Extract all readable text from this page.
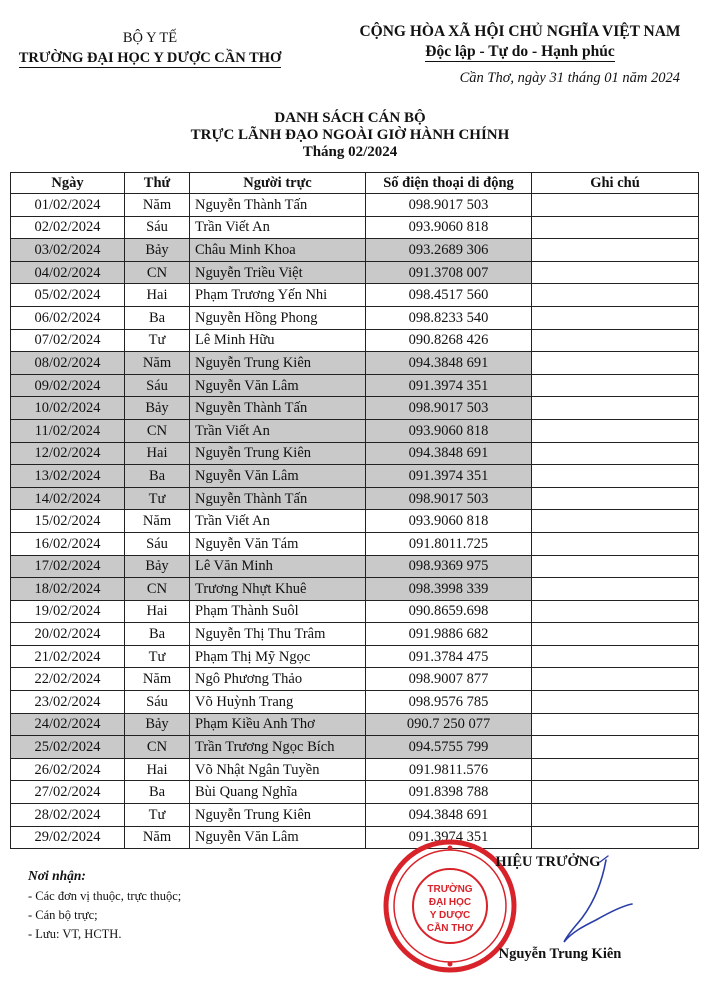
BỘ Y TẾ
TRƯỜNG ĐẠI HỌC Y DƯỢC CẦN THƠ
CỘNG HÒA XÃ HỘI CHỦ NGHĨA VIỆT NAM
Độc lập - Tự do - Hạnh phúc
Cần Thơ, ngày 31 tháng 01 năm 2024
DANH SÁCH CÁN BỘ
TRỰC LÃNH ĐẠO NGOÀI GIỜ HÀNH CHÍNH
Tháng 02/2024
Ngày	Thứ	Người trực	Số điện thoại di động	Ghi chú
01/02/2024	Năm	Nguyễn Thành Tấn	098.9017 503	
02/02/2024	Sáu	Trần Viết An	093.9060 818	
03/02/2024	Bảy	Châu Minh Khoa	093.2689 306	
04/02/2024	CN	Nguyễn Triều Việt	091.3708 007	
05/02/2024	Hai	Phạm Trương Yến Nhi	098.4517 560	
06/02/2024	Ba	Nguyễn Hồng Phong	098.8233 540	
07/02/2024	Tư	Lê Minh Hữu	090.8268 426	
08/02/2024	Năm	Nguyễn Trung Kiên	094.3848 691	
09/02/2024	Sáu	Nguyễn Văn Lâm	091.3974 351	
10/02/2024	Bảy	Nguyễn Thành Tấn	098.9017 503	
11/02/2024	CN	Trần Viết An	093.9060 818	
12/02/2024	Hai	Nguyễn Trung Kiên	094.3848 691	
13/02/2024	Ba	Nguyễn Văn Lâm	091.3974 351	
14/02/2024	Tư	Nguyễn Thành Tấn	098.9017 503	
15/02/2024	Năm	Trần Viết An	093.9060 818	
16/02/2024	Sáu	Nguyễn Văn Tám	091.8011.725	
17/02/2024	Bảy	Lê Văn Minh	098.9369 975	
18/02/2024	CN	Trương Nhựt Khuê	098.3998 339	
19/02/2024	Hai	Phạm Thành Suôl	090.8659.698	
20/02/2024	Ba	Nguyễn Thị Thu Trâm	091.9886 682	
21/02/2024	Tư	Phạm Thị Mỹ Ngọc	091.3784 475	
22/02/2024	Năm	Ngô Phương Thảo	098.9007 877	
23/02/2024	Sáu	Võ Huỳnh Trang	098.9576 785	
24/02/2024	Bảy	Phạm Kiều Anh Thơ	090.7 250 077	
25/02/2024	CN	Trần Trương Ngọc Bích	094.5755 799	
26/02/2024	Hai	Võ Nhật Ngân Tuyền	091.9811.576	
27/02/2024	Ba	Bùi Quang Nghĩa	091.8398 788	
28/02/2024	Tư	Nguyễn Trung Kiên	094.3848 691	
29/02/2024	Năm	Nguyễn Văn Lâm	091.3974 351	
Nơi nhận:
- Các đơn vị thuộc, trực thuộc;
- Cán bộ trực;
- Lưu: VT, HCTH.
TRƯỜNG
ĐẠI HỌC
Y DƯỢC
CẦN THƠ
HIỆU TRƯỞNG
Nguyễn Trung Kiên
